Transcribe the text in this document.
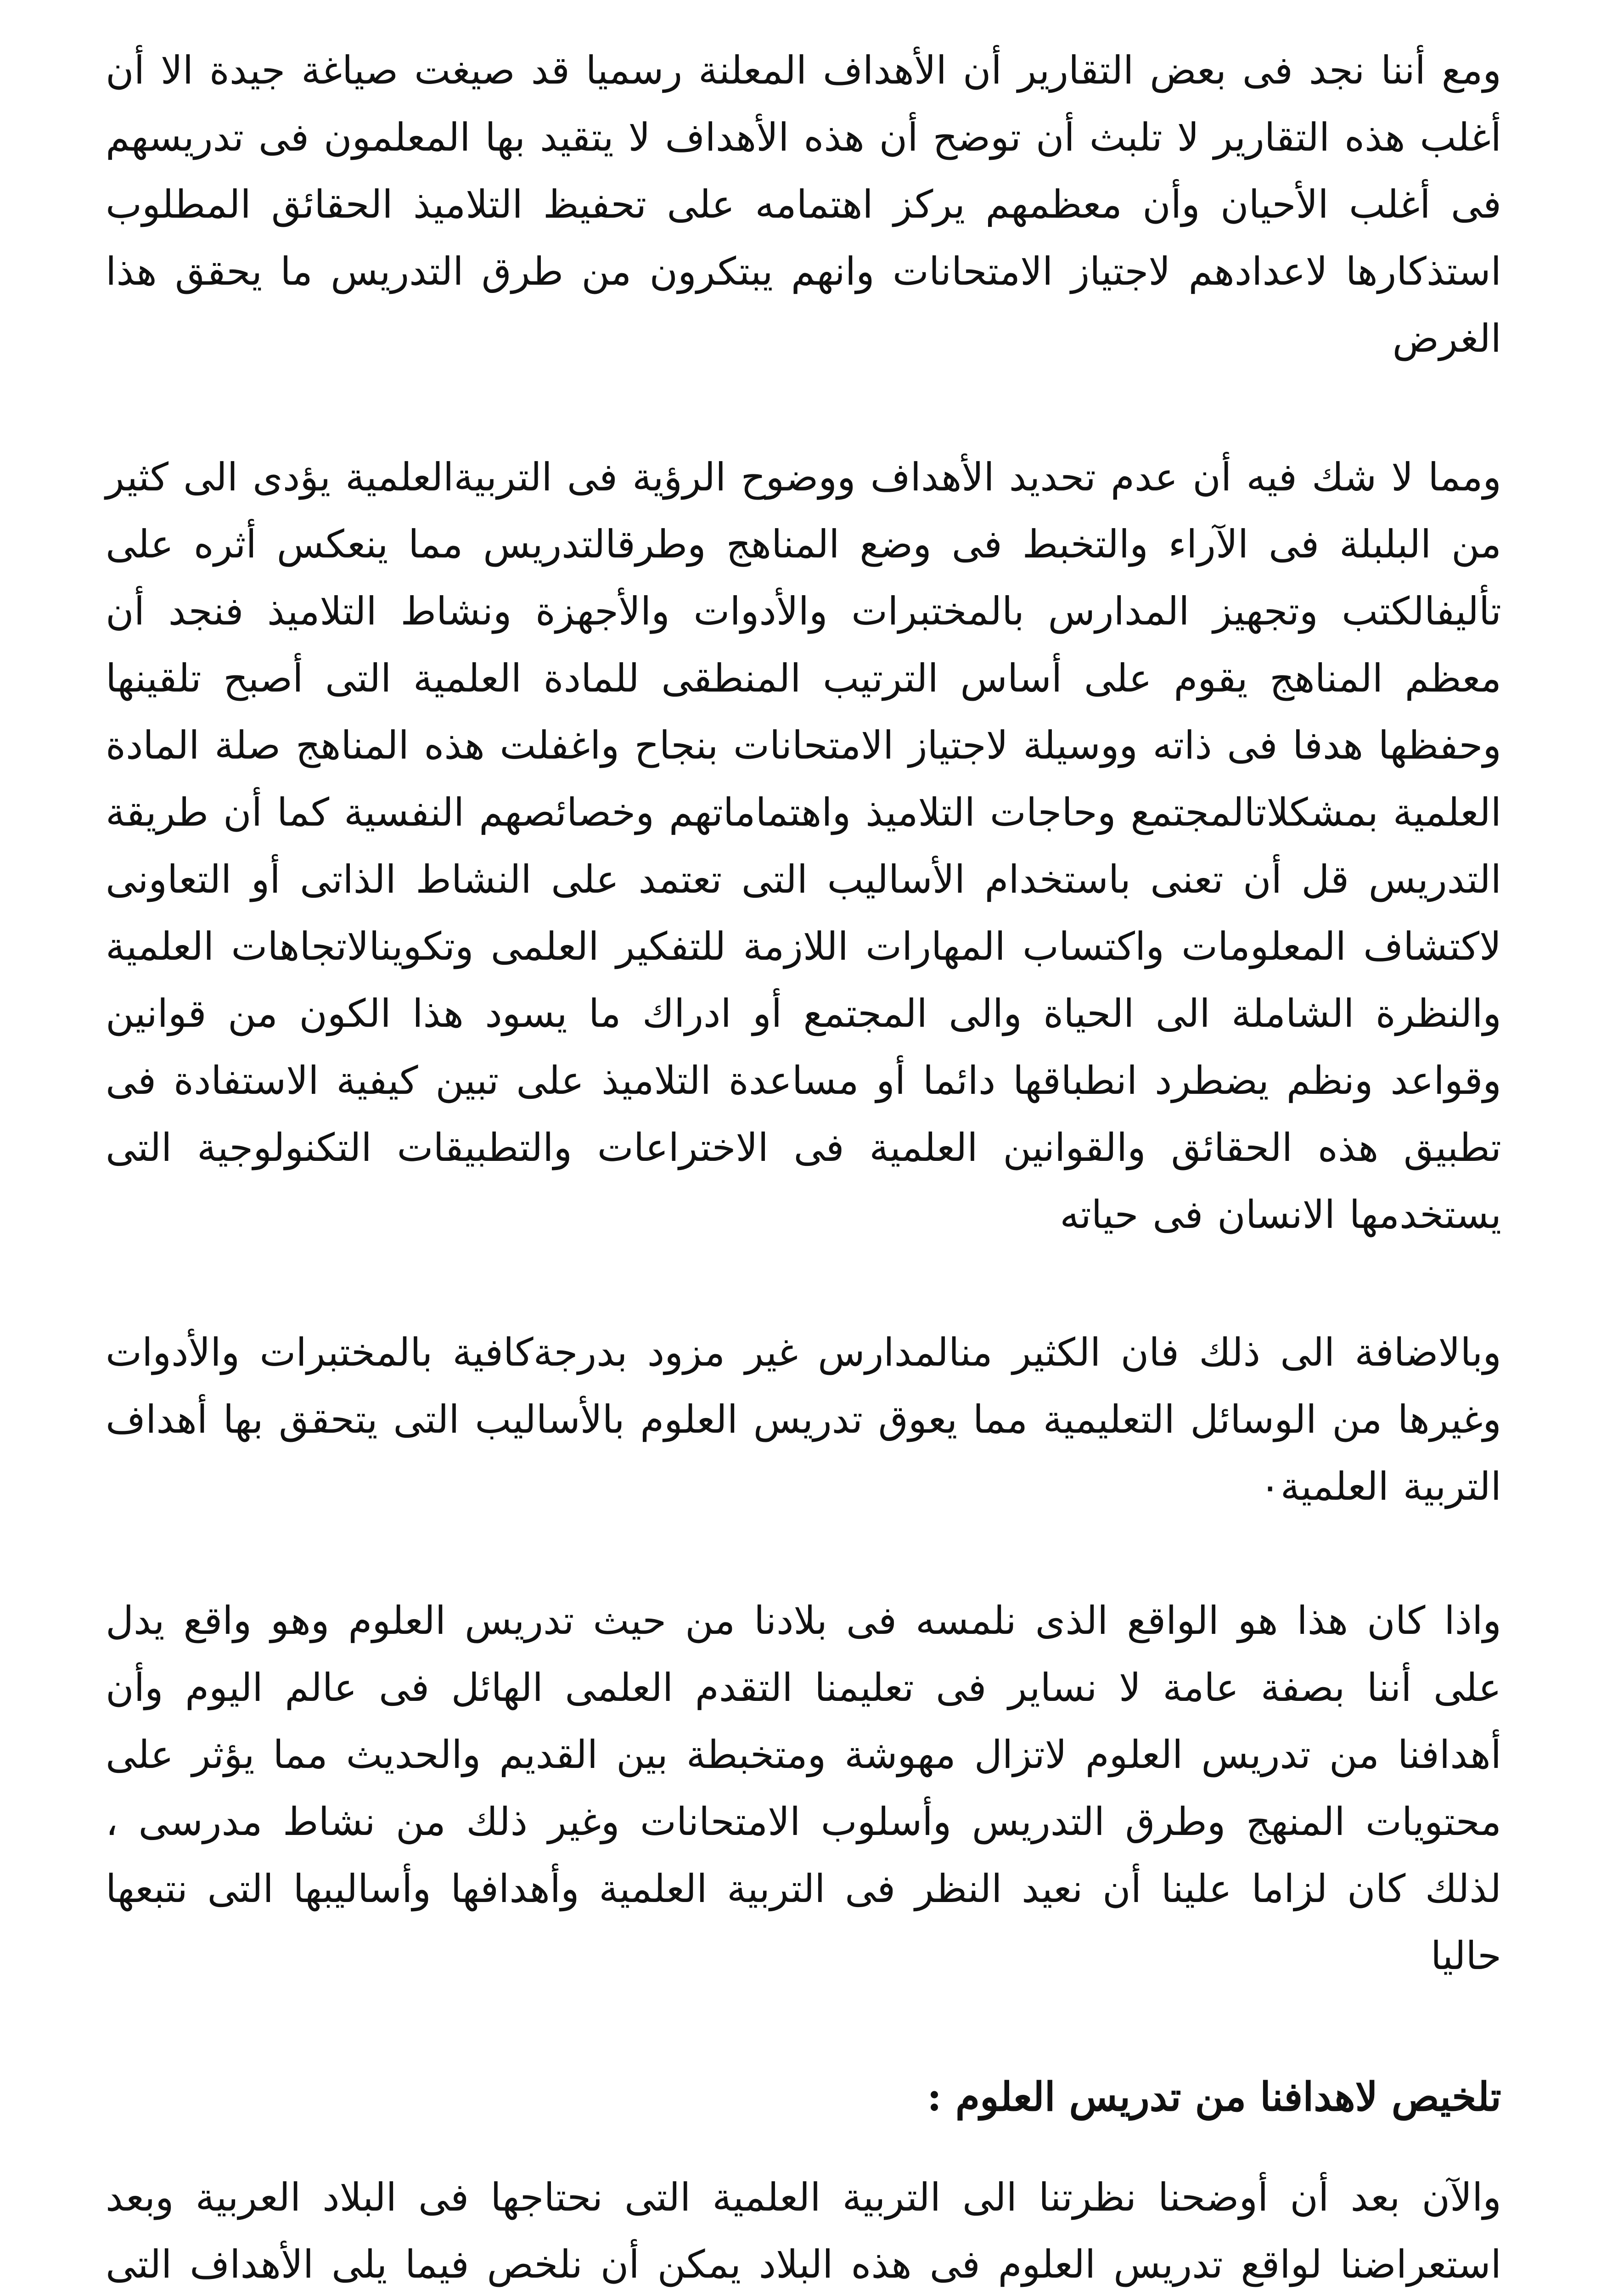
ومع أننا نجد فى بعض التقارير أن الأهداف المعلنة رسميا قد صيغت صياغة جيدة الا أن أغلب هذه التقارير لا تلبث أن توضح أن هذه الأهداف لا يتقيد بها المعلمون فى تدريسهم فى أغلب الأحيان وأن معظمهم يركز اهتمامه على تحفيظ التلاميذ الحقائق المطلوب استذكارها لاعدادهم لاجتياز الامتحانات وانهم يبتكرون من طرق التدريس ما يحقق هذا الغرض

ومما لا شك فيه أن عدم تحديد الأهداف ووضوح الرؤية فى التربيةالعلمية يؤدى الى كثير من البلبلة فى الآراء والتخبط فى وضع المناهج وطرقالتدريس مما ينعكس أثره على تأليفالكتب وتجهيز المدارس بالمختبرات والأدوات والأجهزة ونشاط التلاميذ فنجد أن معظم المناهج يقوم على أساس الترتيب المنطقى للمادة العلمية التى أصبح تلقينها وحفظها هدفا فى ذاته ووسيلة لاجتياز الامتحانات بنجاح واغفلت هذه المناهج صلة المادة العلمية بمشكلاتالمجتمع وحاجات التلاميذ واهتماماتهم وخصائصهم النفسية كما أن طريقة التدريس قل أن تعنى باستخدام الأساليب التى تعتمد على النشاط الذاتى أو التعاونى لاكتشاف المعلومات واكتساب المهارات اللازمة للتفكير العلمى وتكوينالاتجاهات العلمية والنظرة الشاملة الى الحياة والى المجتمع أو ادراك ما يسود هذا الكون من قوانين وقواعد ونظم يضطرد انطباقها دائما أو مساعدة التلاميذ على تبين كيفية الاستفادة فى تطبيق هذه الحقائق والقوانين العلمية فى الاختراعات والتطبيقات التكنولوجية التى يستخدمها الانسان فى حياته

وبالاضافة الى ذلك فان الكثير منالمدارس غير مزود بدرجةكافية بالمختبرات والأدوات وغيرها من الوسائل التعليمية مما يعوق تدريس العلوم بالأساليب التى يتحقق بها أهداف التربية العلمية٠

واذا كان هذا هو الواقع الذى نلمسه فى بلادنا من حيث تدريس العلوم وهو واقع يدل على أننا بصفة عامة لا نساير فى تعليمنا التقدم العلمى الهائل فى عالم اليوم وأن أهدافنا من تدريس العلوم لاتزال مهوشة ومتخبطة بين القديم والحديث مما يؤثر على محتويات المنهج وطرق التدريس وأسلوب الامتحانات وغير ذلك من نشاط مدرسى ، لذلك كان لزاما علينا أن نعيد النظر فى التربية العلمية وأهدافها وأساليبها التى نتبعها حاليا

تلخيص لاهدافنا من تدريس العلوم :

والآن بعد أن أوضحنا نظرتنا الى التربية العلمية التى نحتاجها فى البلاد العربية وبعد استعراضنا لواقع تدريس العلوم فى هذه البلاد يمكن أن نلخص فيما يلى الأهداف التى
